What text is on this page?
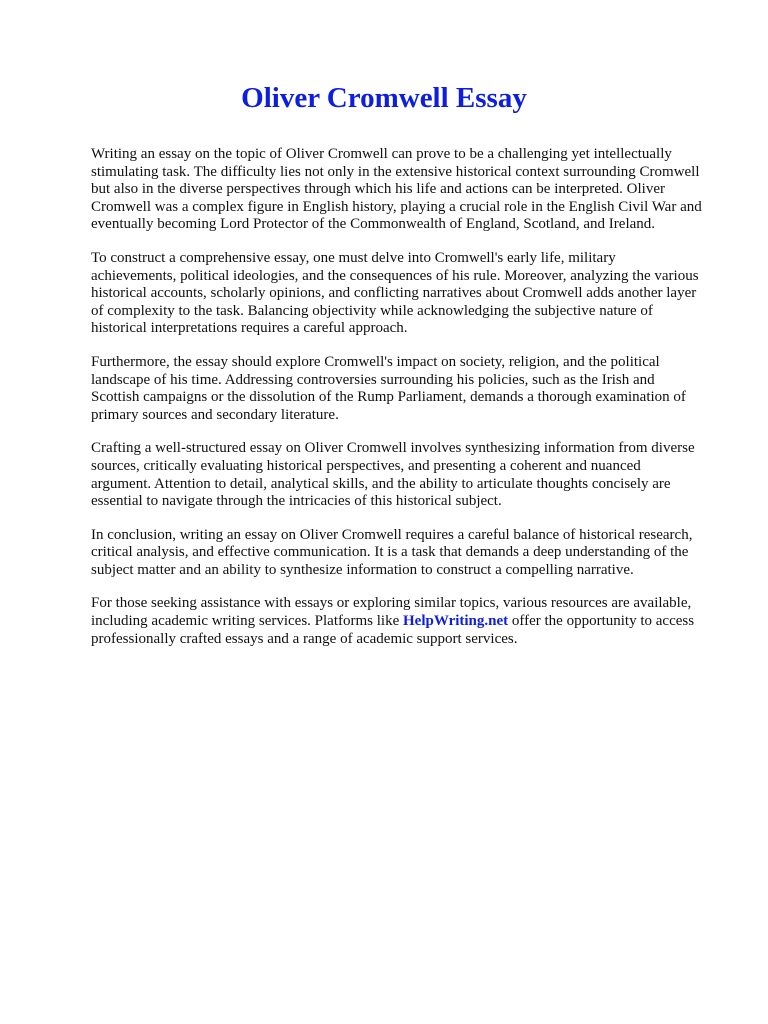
Oliver Cromwell Essay

Writing an essay on the topic of Oliver Cromwell can prove to be a challenging yet intellectually
stimulating task. The difficulty lies not only in the extensive historical context surrounding Cromwell
but also in the diverse perspectives through which his life and actions can be interpreted. Oliver
Cromwell was a complex figure in English history, playing a crucial role in the English Civil War and
eventually becoming Lord Protector of the Commonwealth of England, Scotland, and Ireland.

To construct a comprehensive essay, one must delve into Cromwell's early life, military
achievements, political ideologies, and the consequences of his rule. Moreover, analyzing the various
historical accounts, scholarly opinions, and conflicting narratives about Cromwell adds another layer
of complexity to the task. Balancing objectivity while acknowledging the subjective nature of
historical interpretations requires a careful approach.

Furthermore, the essay should explore Cromwell's impact on society, religion, and the political
landscape of his time. Addressing controversies surrounding his policies, such as the Irish and
Scottish campaigns or the dissolution of the Rump Parliament, demands a thorough examination of
primary sources and secondary literature.

Crafting a well-structured essay on Oliver Cromwell involves synthesizing information from diverse
sources, critically evaluating historical perspectives, and presenting a coherent and nuanced
argument. Attention to detail, analytical skills, and the ability to articulate thoughts concisely are
essential to navigate through the intricacies of this historical subject.

In conclusion, writing an essay on Oliver Cromwell requires a careful balance of historical research,
critical analysis, and effective communication. It is a task that demands a deep understanding of the
subject matter and an ability to synthesize information to construct a compelling narrative.

For those seeking assistance with essays or exploring similar topics, various resources are available,
including academic writing services. Platforms like HelpWriting.net offer the opportunity to access
professionally crafted essays and a range of academic support services.
